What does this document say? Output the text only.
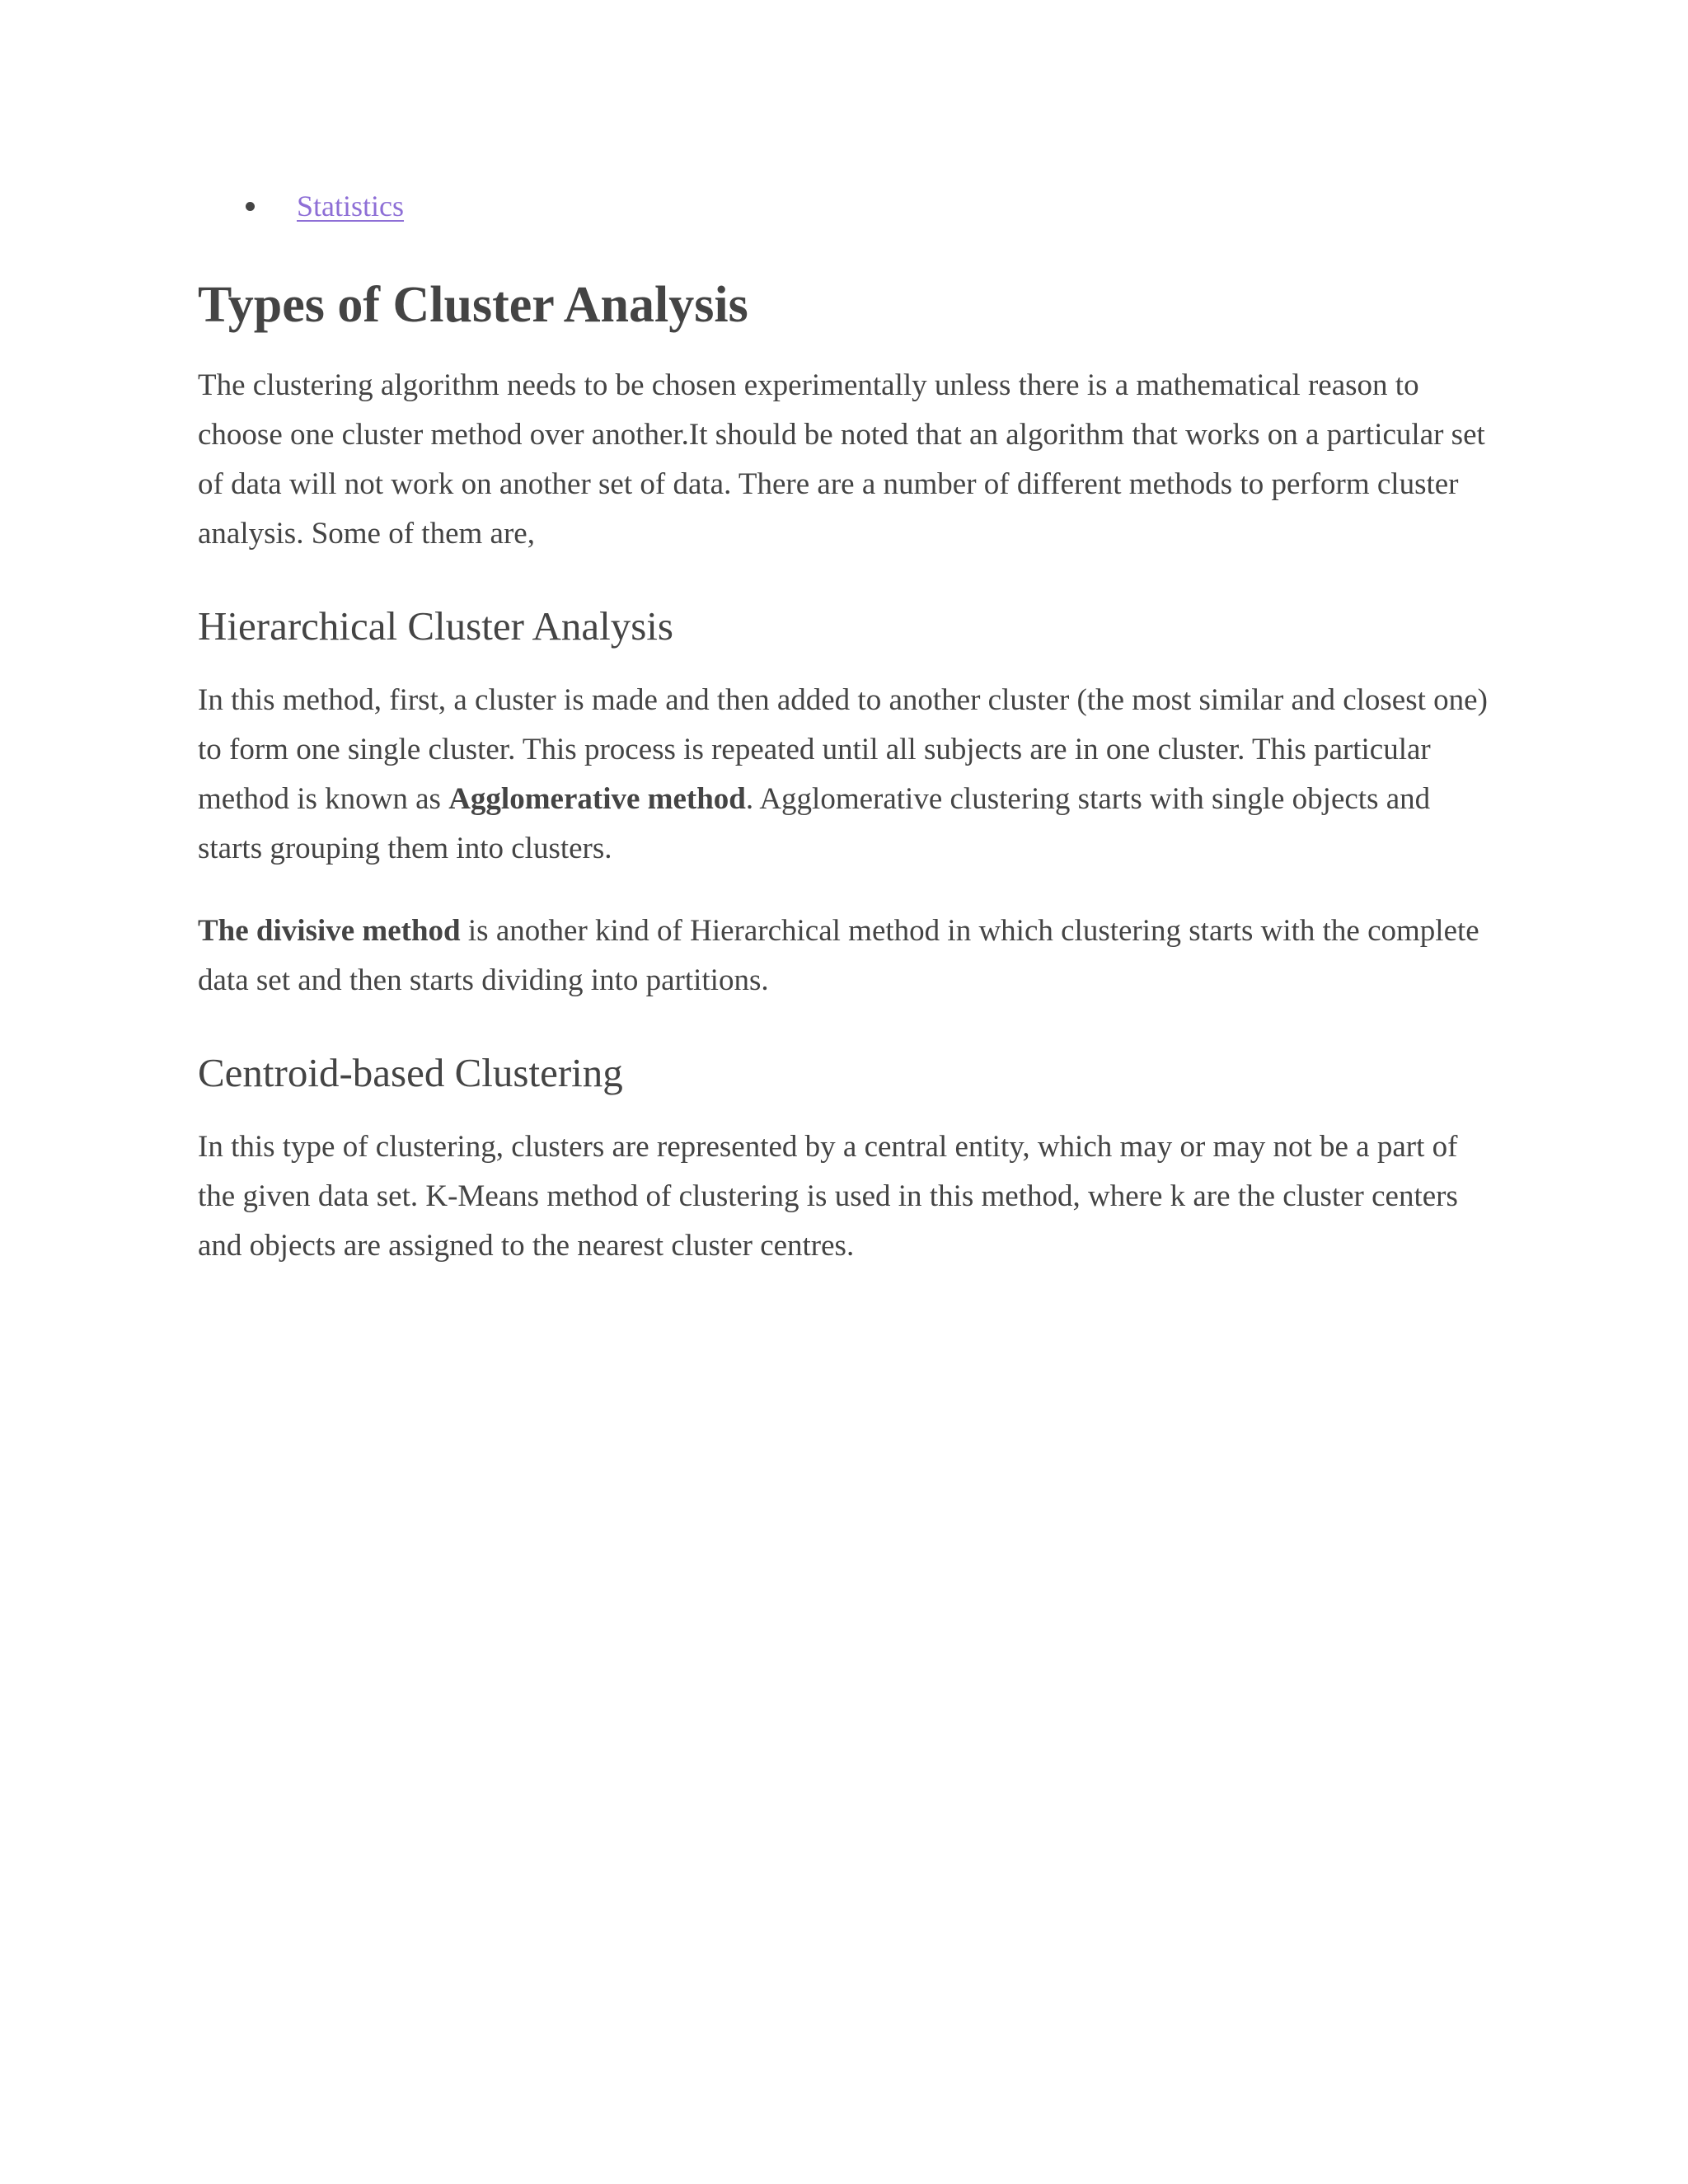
Statistics
Types of Cluster Analysis

The clustering algorithm needs to be chosen experimentally unless there is a mathematical reason to choose one cluster method over another.It should be noted that an algorithm that works on a particular set of data will not work on another set of data. There are a number of different methods to perform cluster analysis. Some of them are,

Hierarchical Cluster Analysis

In this method, first, a cluster is made and then added to another cluster (the most similar and closest one) to form one single cluster. This process is repeated until all subjects are in one cluster. This particular method is known as Agglomerative method. Agglomerative clustering starts with single objects and starts grouping them into clusters.

The divisive method is another kind of Hierarchical method in which clustering starts with the complete data set and then starts dividing into partitions.

Centroid-based Clustering

In this type of clustering, clusters are represented by a central entity, which may or may not be a part of the given data set. K-Means method of clustering is used in this method, where k are the cluster centers and objects are assigned to the nearest cluster centres.
